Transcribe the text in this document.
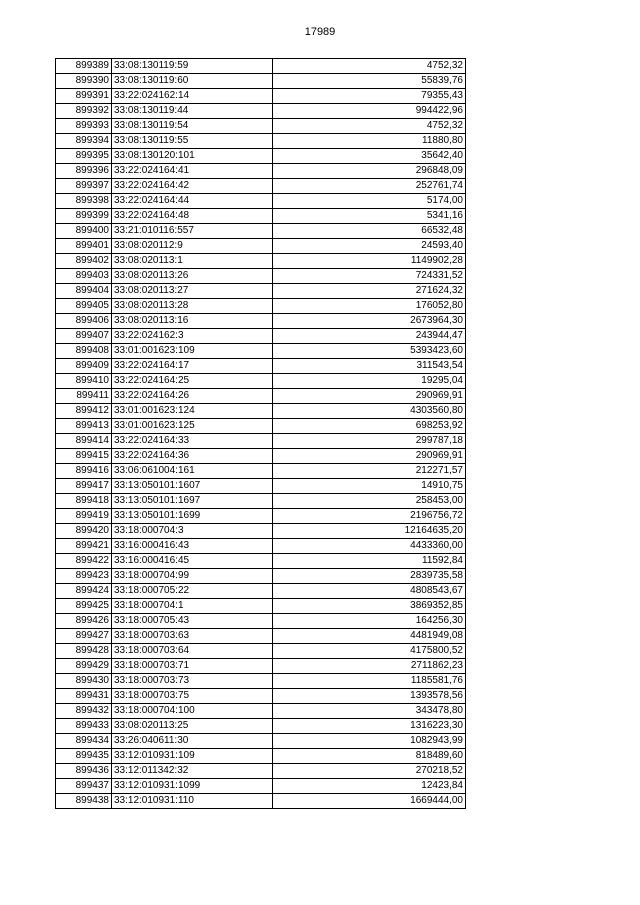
17989
899389	33:08:130119:59	4752,32
899390	33:08:130119:60	55839,76
899391	33:22:024162:14	79355,43
899392	33:08:130119:44	994422,96
899393	33:08:130119:54	4752,32
899394	33:08:130119:55	11880,80
899395	33:08:130120:101	35642,40
899396	33:22:024164:41	296848,09
899397	33:22:024164:42	252761,74
899398	33:22:024164:44	5174,00
899399	33:22:024164:48	5341,16
899400	33:21:010116:557	66532,48
899401	33:08:020112:9	24593,40
899402	33:08:020113:1	1149902,28
899403	33:08:020113:26	724331,52
899404	33:08:020113:27	271624,32
899405	33:08:020113:28	176052,80
899406	33:08:020113:16	2673964,30
899407	33:22:024162:3	243944,47
899408	33:01:001623:109	5393423,60
899409	33:22:024164:17	311543,54
899410	33:22:024164:25	19295,04
899411	33:22:024164:26	290969,91
899412	33:01:001623:124	4303560,80
899413	33:01:001623:125	698253,92
899414	33:22:024164:33	299787,18
899415	33:22:024164:36	290969,91
899416	33:06:061004:161	212271,57
899417	33:13:050101:1607	14910,75
899418	33:13:050101:1697	258453,00
899419	33:13:050101:1699	2196756,72
899420	33:18:000704:3	12164635,20
899421	33:16:000416:43	4433360,00
899422	33:16:000416:45	11592,84
899423	33:18:000704:99	2839735,58
899424	33:18:000705:22	4808543,67
899425	33:18:000704:1	3869352,85
899426	33:18:000705:43	164256,30
899427	33:18:000703:63	4481949,08
899428	33:18:000703:64	4175800,52
899429	33:18:000703:71	2711862,23
899430	33:18:000703:73	1185581,76
899431	33:18:000703:75	1393578,56
899432	33:18:000704:100	343478,80
899433	33:08:020113:25	1316223,30
899434	33:26:040611:30	1082943,99
899435	33:12:010931:109	818489,60
899436	33:12:011342:32	270218,52
899437	33:12:010931:1099	12423,84
899438	33:12:010931:110	1669444,00
